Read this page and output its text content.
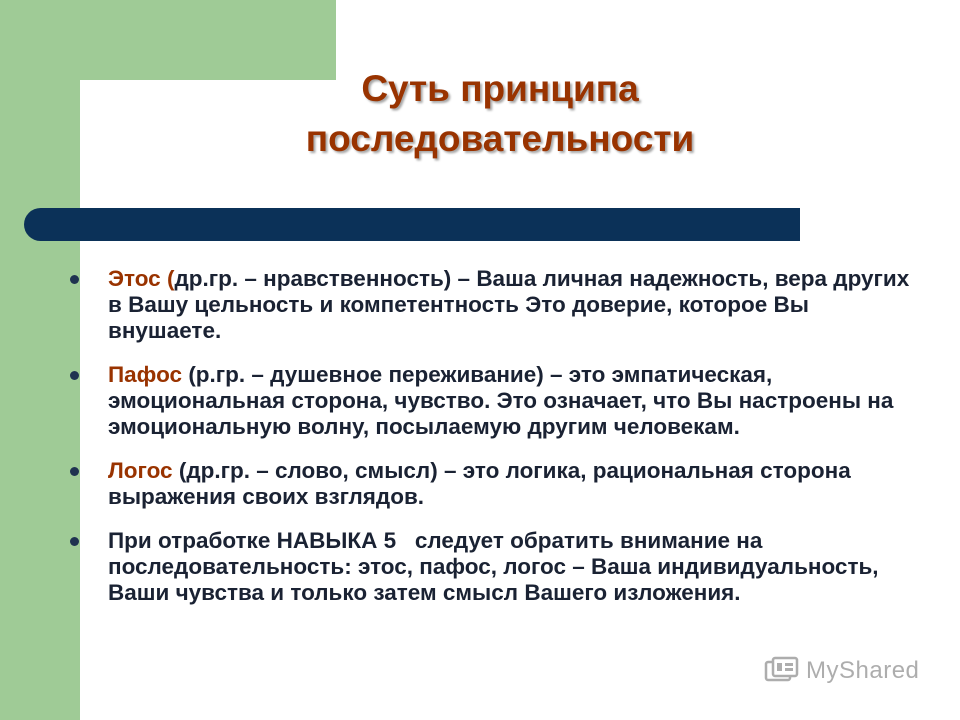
Суть принципа
последовательности
Этос (др.гр. – нравственность) – Ваша личная надежность, вера других в Вашу цельность и компетентность Это доверие, которое Вы внушаете.
Пафос (р.гр. – душевное переживание) – это эмпатическая, эмоциональная сторона, чувство. Это означает, что Вы настроены на эмоциональную волну, посылаемую другим человекам.
Логос (др.гр. – слово, смысл) – это логика, рациональная сторона выражения своих взглядов.
При отработке НАВЫКА 5   следует обратить внимание на последовательность: этос, пафос, логос – Ваша индивидуальность, Ваши чувства и только затем смысл Вашего изложения.
MyShared
